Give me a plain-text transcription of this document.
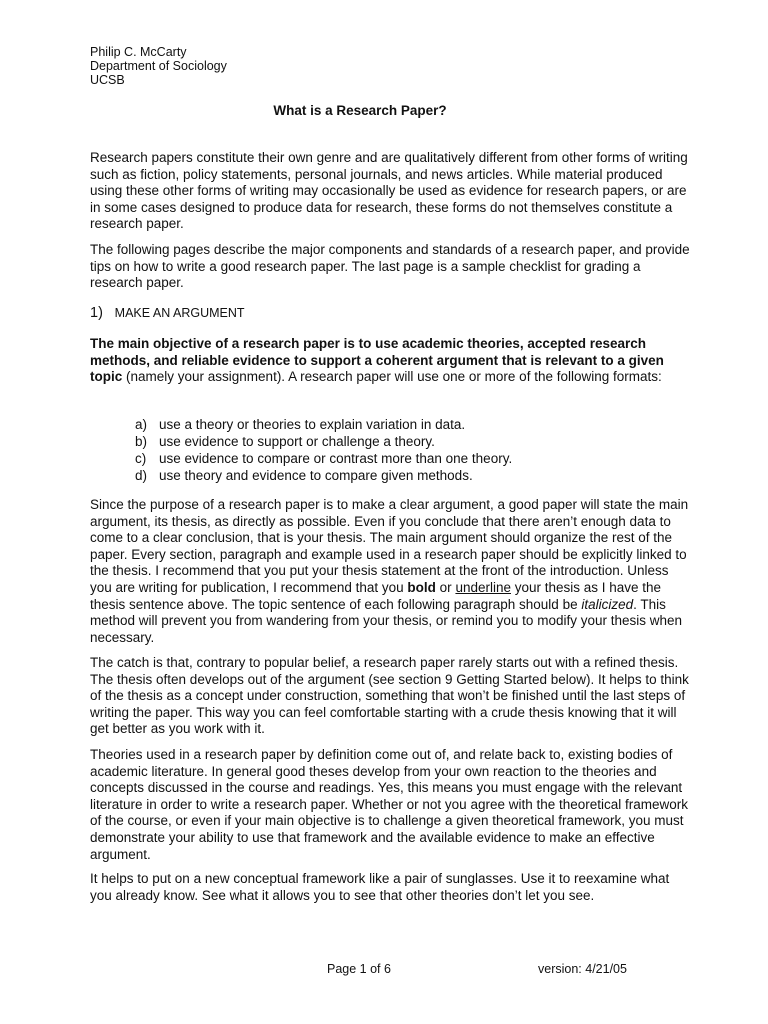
Philip C. McCarty
Department of Sociology
UCSB
What is a Research Paper?
Research papers constitute their own genre and are qualitatively different from other forms of writing such as fiction, policy statements, personal journals, and news articles. While material produced using these other forms of writing may occasionally be used as evidence for research papers, or are in some cases designed to produce data for research, these forms do not themselves constitute a research paper.
The following pages describe the major components and standards of a research paper, and provide tips on how to write a good research paper. The last page is a sample checklist for grading a research paper.
1) MAKE AN ARGUMENT
The main objective of a research paper is to use academic theories, accepted research methods, and reliable evidence to support a coherent argument that is relevant to a given topic (namely your assignment). A research paper will use one or more of the following formats:
a) use a theory or theories to explain variation in data.
b) use evidence to support or challenge a theory.
c) use evidence to compare or contrast more than one theory.
d) use theory and evidence to compare given methods.
Since the purpose of a research paper is to make a clear argument, a good paper will state the main argument, its thesis, as directly as possible. Even if you conclude that there aren’t enough data to come to a clear conclusion, that is your thesis. The main argument should organize the rest of the paper. Every section, paragraph and example used in a research paper should be explicitly linked to the thesis. I recommend that you put your thesis statement at the front of the introduction. Unless you are writing for publication, I recommend that you bold or underline your thesis as I have the thesis sentence above. The topic sentence of each following paragraph should be italicized. This method will prevent you from wandering from your thesis, or remind you to modify your thesis when necessary.
The catch is that, contrary to popular belief, a research paper rarely starts out with a refined thesis. The thesis often develops out of the argument (see section 9 Getting Started below). It helps to think of the thesis as a concept under construction, something that won’t be finished until the last steps of writing the paper. This way you can feel comfortable starting with a crude thesis knowing that it will get better as you work with it.
Theories used in a research paper by definition come out of, and relate back to, existing bodies of academic literature. In general good theses develop from your own reaction to the theories and concepts discussed in the course and readings. Yes, this means you must engage with the relevant literature in order to write a research paper. Whether or not you agree with the theoretical framework of the course, or even if your main objective is to challenge a given theoretical framework, you must demonstrate your ability to use that framework and the available evidence to make an effective argument.
It helps to put on a new conceptual framework like a pair of sunglasses. Use it to reexamine what you already know. See what it allows you to see that other theories don’t let you see.
Page 1 of 6	version: 4/21/05
